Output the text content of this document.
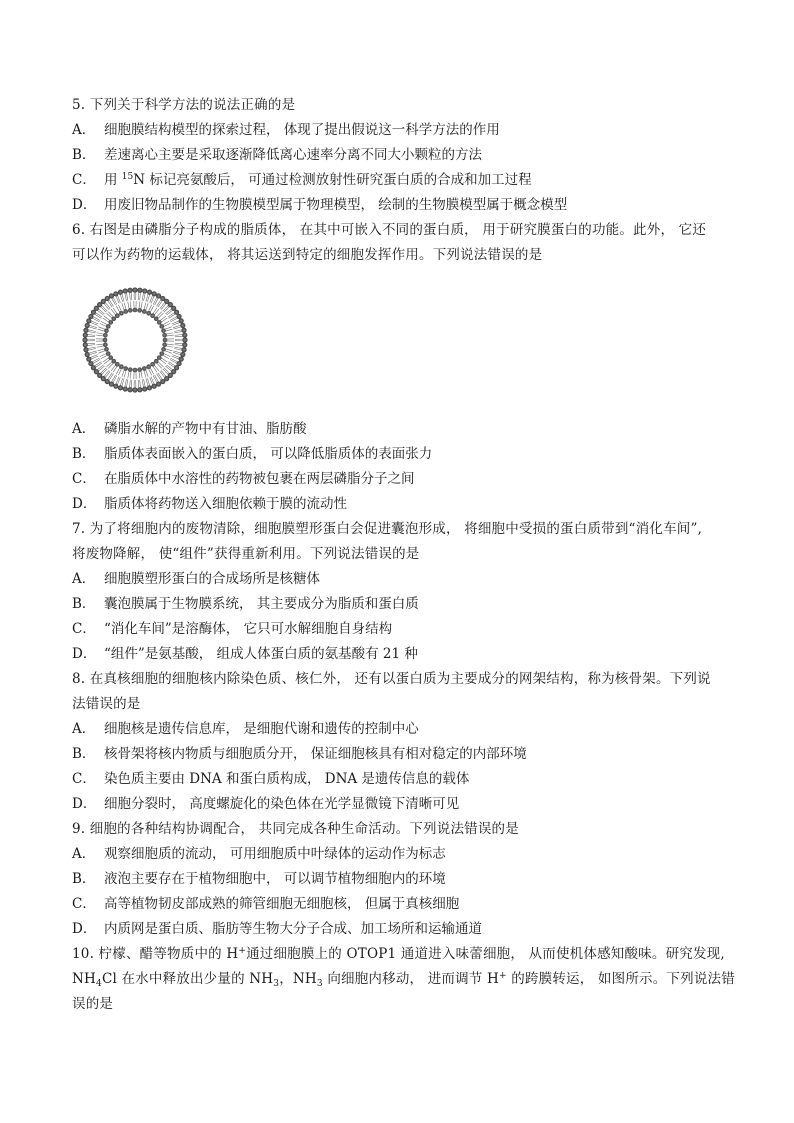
5. 下列关于科学方法的说法正确的是
A． 细胞膜结构模型的探索过程， 体现了提出假说这一科学方法的作用
B． 差速离心主要是采取逐渐降低离心速率分离不同大小颗粒的方法
C． 用 $^{15}$N 标记亮氨酸后， 可通过检测放射性研究蛋白质的合成和加工过程
D． 用废旧物品制作的生物膜模型属于物理模型， 绘制的生物膜模型属于概念模型
6. 右图是由磷脂分子构成的脂质体， 在其中可嵌入不同的蛋白质， 用于研究膜蛋白的功能。此外， 它还
可以作为药物的运载体， 将其运送到特定的细胞发挥作用。下列说法错误的是
A． 磷脂水解的产物中有甘油、脂肪酸
B． 脂质体表面嵌入的蛋白质， 可以降低脂质体的表面张力
C． 在脂质体中水溶性的药物被包裹在两层磷脂分子之间
D． 脂质体将药物送入细胞依赖于膜的流动性
7. 为了将细胞内的废物清除，细胞膜塑形蛋白会促进囊泡形成， 将细胞中受损的蛋白质带到“消化车间”,
将废物降解， 使“组件”获得重新利用。下列说法错误的是
A． 细胞膜塑形蛋白的合成场所是核糖体
B． 囊泡膜属于生物膜系统， 其主要成分为脂质和蛋白质
C． “消化车间”是溶酶体， 它只可水解细胞自身结构
D． “组件”是氨基酸， 组成人体蛋白质的氨基酸有 21 种
8. 在真核细胞的细胞核内除染色质、核仁外， 还有以蛋白质为主要成分的网架结构，称为核骨架。下列说
法错误的是
A． 细胞核是遗传信息库， 是细胞代谢和遗传的控制中心
B． 核骨架将核内物质与细胞质分开， 保证细胞核具有相对稳定的内部环境
C． 染色质主要由 DNA 和蛋白质构成， DNA 是遗传信息的载体
D． 细胞分裂时， 高度螺旋化的染色体在光学显微镜下清晰可见
9. 细胞的各种结构协调配合， 共同完成各种生命活动。下列说法错误的是
A． 观察细胞质的流动， 可用细胞质中叶绿体的运动作为标志
B． 液泡主要存在于植物细胞中， 可以调节植物细胞内的环境
C． 高等植物韧皮部成熟的筛管细胞无细胞核， 但属于真核细胞
D． 内质网是蛋白质、脂肪等生物大分子合成、加工场所和运输通道
10. 柠檬、醋等物质中的 H+通过细胞膜上的 OTOP1 通道进入味蕾细胞， 从而使机体感知酸味。研究发现,
$NH_4Cl$ 在水中释放出少量的 $NH_3$，$NH_3$ 向细胞内移动， 进而调节 H+ 的跨膜转运， 如图所示。下列说法错
误的是
